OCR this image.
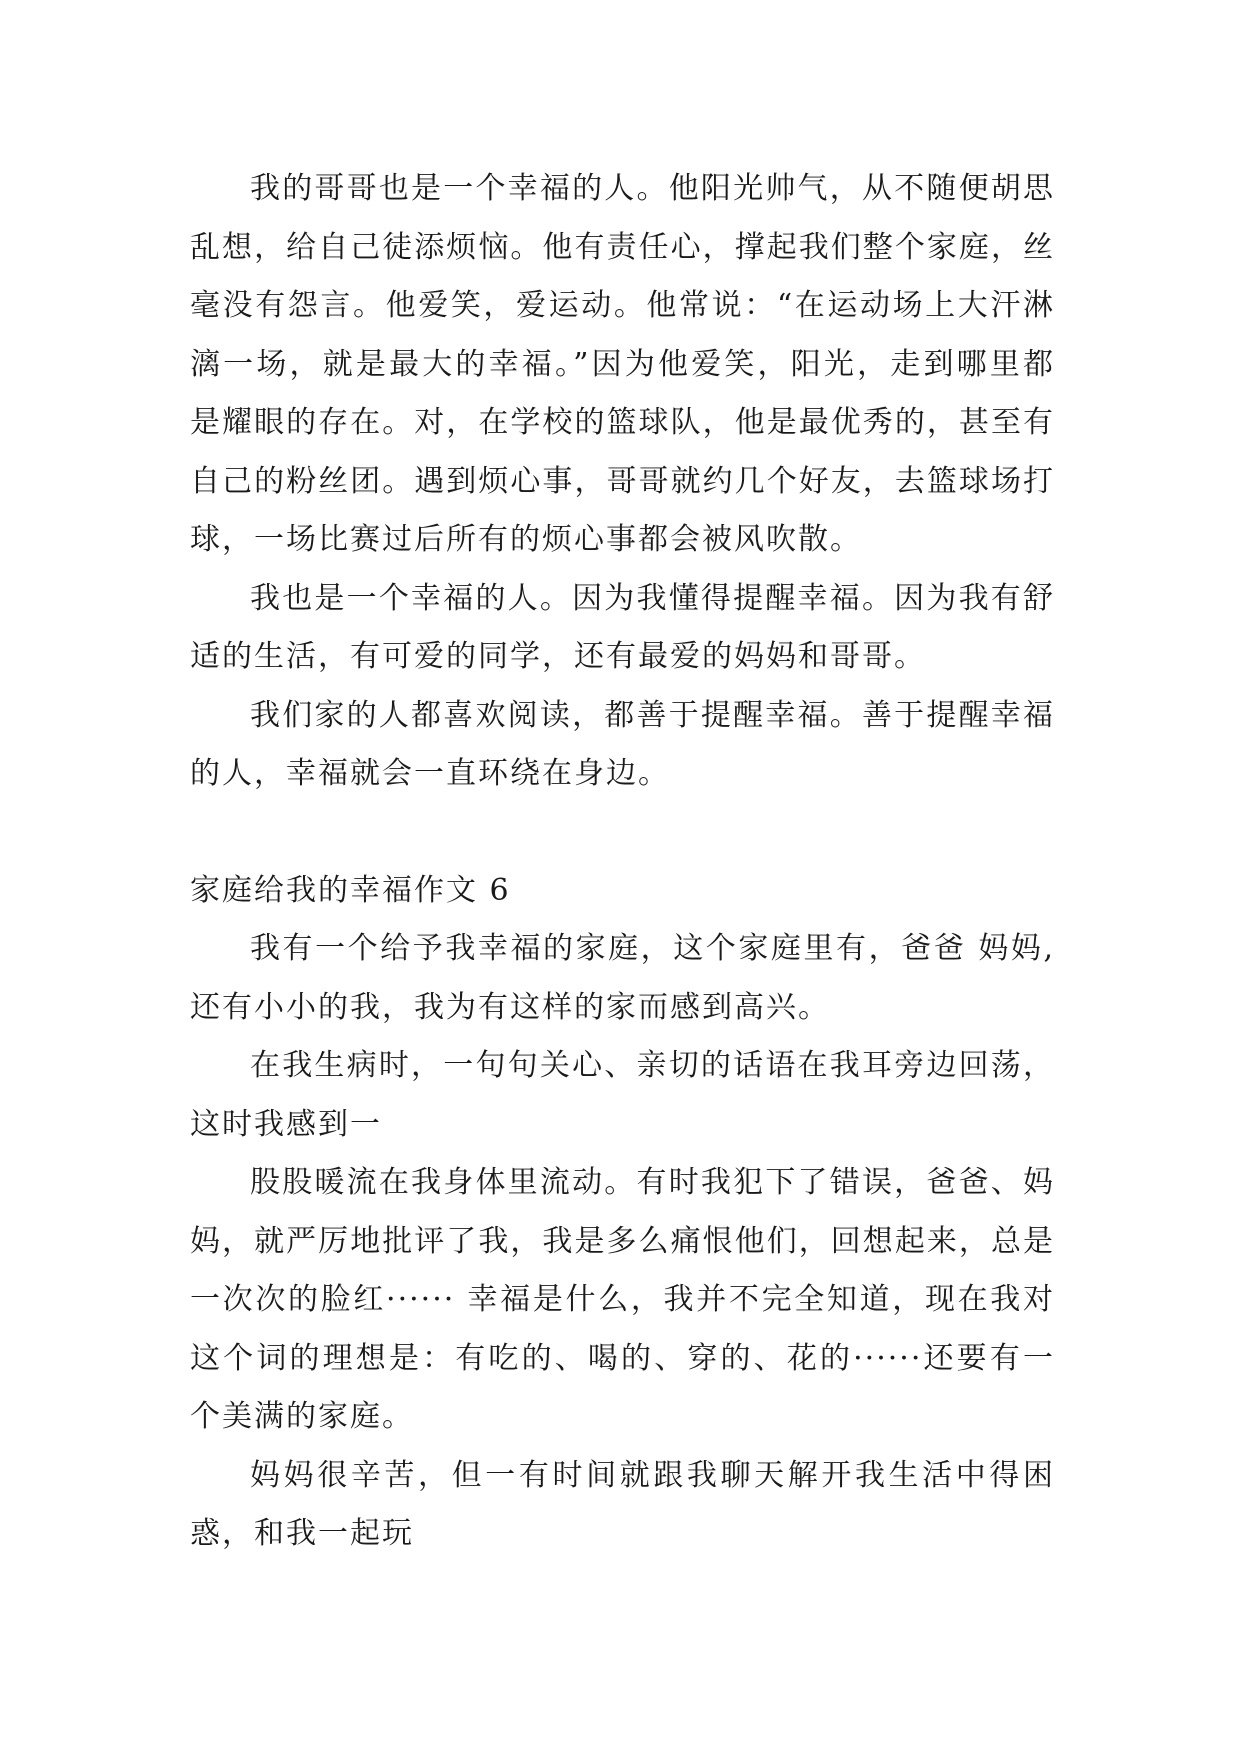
我的哥哥也是一个幸福的人。他阳光帅气，从不随便胡思乱想，给自己徒添烦恼。他有责任心，撑起我们整个家庭，丝毫没有怨言。他爱笑，爱运动。他常说：“在运动场上大汗淋漓一场，就是最大的幸福。”因为他爱笑，阳光，走到哪里都是耀眼的存在。对，在学校的篮球队，他是最优秀的，甚至有自己的粉丝团。遇到烦心事，哥哥就约几个好友，去篮球场打球，一场比赛过后所有的烦心事都会被风吹散。

我也是一个幸福的人。因为我懂得提醒幸福。因为我有舒适的生活，有可爱的同学，还有最爱的妈妈和哥哥。

我们家的人都喜欢阅读，都善于提醒幸福。善于提醒幸福的人，幸福就会一直环绕在身边。

家庭给我的幸福作文 6

我有一个给予我幸福的家庭，这个家庭里有，爸爸 妈妈,还有小小的我，我为有这样的家而感到高兴。

在我生病时，一句句关心、亲切的话语在我耳旁边回荡，这时我感到一

股股暖流在我身体里流动。有时我犯下了错误，爸爸、妈妈，就严厉地批评了我，我是多么痛恨他们，回想起来，总是一次次的脸红······ 幸福是什么，我并不完全知道，现在我对这个词的理想是：有吃的、喝的、穿的、花的······还要有一个美满的家庭。

妈妈很辛苦，但一有时间就跟我聊天解开我生活中得困惑，和我一起玩
